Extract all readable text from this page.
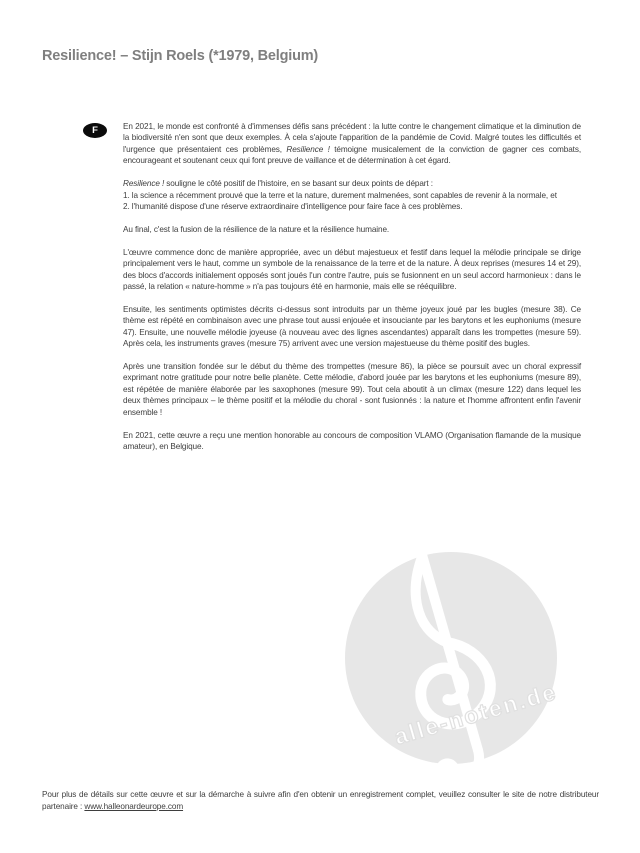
alle-noten.de
Resilience! – Stijn Roels (*1979, Belgium)
F	En 2021, le monde est confronté à d'immenses défis sans précédent : la lutte contre le changement climatique et la diminution de la biodiversité n'en sont que deux exemples. À cela s'ajoute l'apparition de la pandémie de Covid. Malgré toutes les difficultés et l'urgence que présentaient ces problèmes, Resilience ! témoigne musicalement de la conviction de gagner ces combats, encourageant et soutenant ceux qui font preuve de vaillance et de détermination à cet égard.

Resilience ! souligne le côté positif de l'histoire, en se basant sur deux points de départ :
1. la science a récemment prouvé que la terre et la nature, durement malmenées, sont capables de revenir à la normale, et
2. l'humanité dispose d'une réserve extraordinaire d'intelligence pour faire face à ces problèmes.

Au final, c'est la fusion de la résilience de la nature et la résilience humaine.

L'œuvre commence donc de manière appropriée, avec un début majestueux et festif dans lequel la mélodie principale se dirige principalement vers le haut, comme un symbole de la renaissance de la terre et de la nature. À deux reprises (mesures 14 et 29), des blocs d'accords initialement opposés sont joués l'un contre l'autre, puis se fusionnent en un seul accord harmonieux : dans le passé, la relation « nature-homme » n'a pas toujours été en harmonie, mais elle se rééquilibre.

Ensuite, les sentiments optimistes décrits ci-dessus sont introduits par un thème joyeux joué par les bugles (mesure 38). Ce thème est répété en combinaison avec une phrase tout aussi enjouée et insouciante par les barytons et les euphoniums (mesure 47). Ensuite, une nouvelle mélodie joyeuse (à nouveau avec des lignes ascendantes) apparaît dans les trompettes (mesure 59). Après cela, les instruments graves (mesure 75) arrivent avec une version majestueuse du thème positif des bugles.

Après une transition fondée sur le début du thème des trompettes (mesure 86), la pièce se poursuit avec un choral expressif exprimant notre gratitude pour notre belle planète. Cette mélodie, d'abord jouée par les barytons et les euphoniums (mesure 89), est répétée de manière élaborée par les saxophones (mesure 99). Tout cela aboutit à un climax (mesure 122) dans lequel les deux thèmes principaux – le thème positif et la mélodie du choral - sont fusionnés : la nature et l'homme affrontent enfin l'avenir ensemble !

En 2021, cette œuvre a reçu une mention honorable au concours de composition VLAMO (Organisation flamande de la musique amateur), en Belgique.

Pour plus de détails sur cette œuvre et sur la démarche à suivre afin d'en obtenir un enregistrement complet, veuillez consulter le site de notre distributeur partenaire : www.halleonardeurope.com
